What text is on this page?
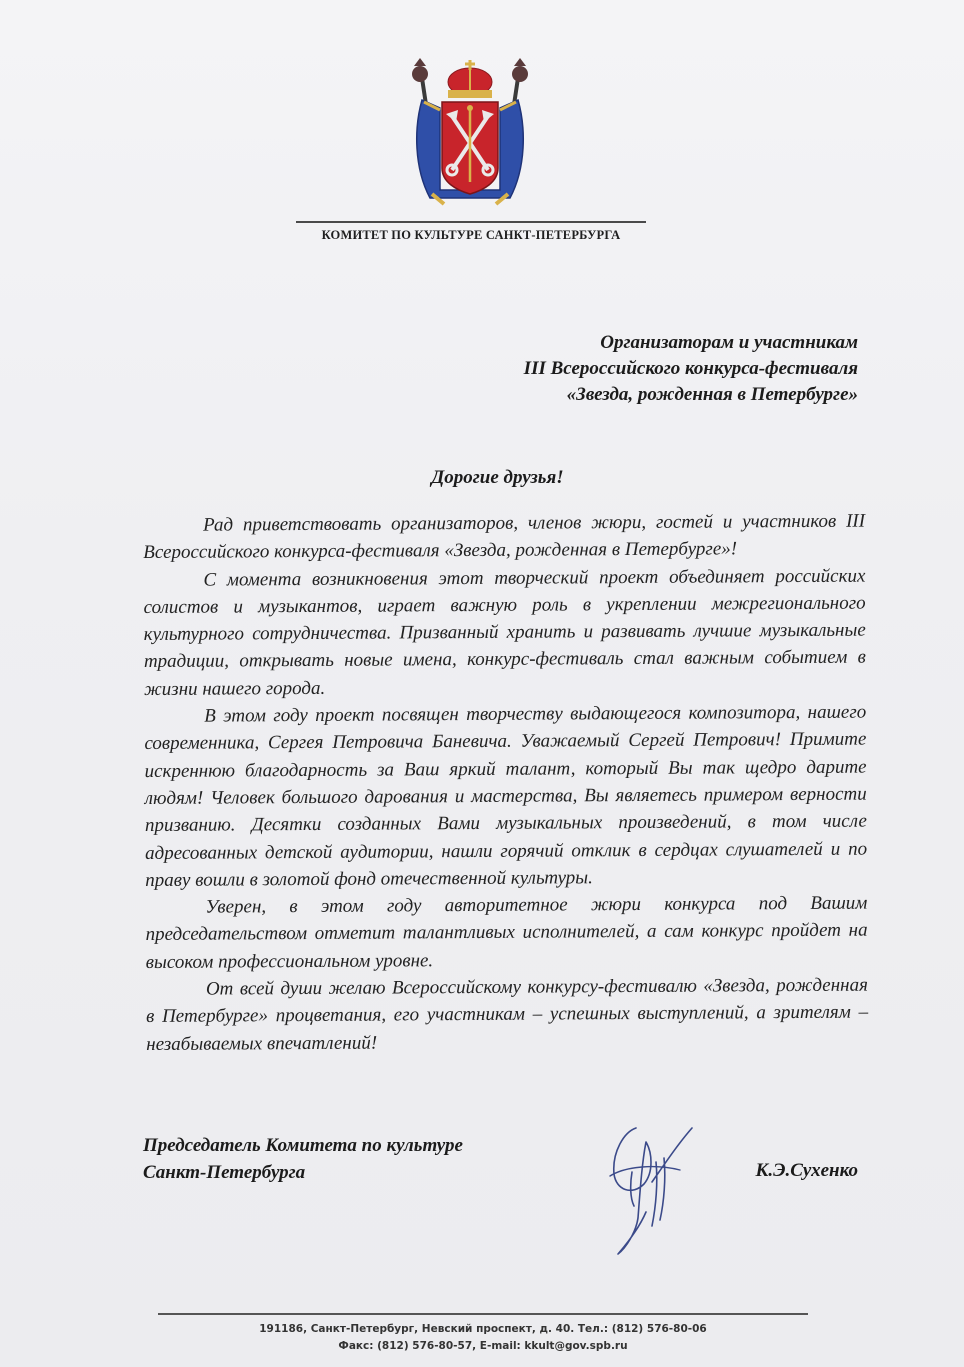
КОМИТЕТ ПО КУЛЬТУРЕ САНКТ-ПЕТЕРБУРГА
Организаторам и участникам
III Всероссийского конкурса-фестиваля
«Звезда, рожденная в Петербурге»
Дорогие друзья!

Рад приветствовать организаторов, членов жюри, гостей и участников III Всероссийского конкурса-фестиваля «Звезда, рожденная в Петербурге»!

С момента возникновения этот творческий проект объединяет российских солистов и музыкантов, играет важную роль в укреплении межрегионального культурного сотрудничества. Призванный хранить и развивать лучшие музыкальные традиции, открывать новые имена, конкурс-фестиваль стал важным событием в жизни нашего города.

В этом году проект посвящен творчеству выдающегося композитора, нашего современника, Сергея Петровича Баневича. Уважаемый Сергей Петрович! Примите искреннюю благодарность за Ваш яркий талант, который Вы так щедро дарите людям! Человек большого дарования и мастерства, Вы являетесь примером верности призванию. Десятки созданных Вами музыкальных произведений, в том числе адресованных детской аудитории, нашли горячий отклик в сердцах слушателей и по праву вошли в золотой фонд отечественной культуры.

Уверен, в этом году авторитетное жюри конкурса под Вашим председательством отметит талантливых исполнителей, а сам конкурс пройдет на высоком профессиональном уровне.

От всей души желаю Всероссийскому конкурсу-фестивалю «Звезда, рожденная в Петербурге» процветания, его участникам – успешных выступлений, а зрителям – незабываемых впечатлений!

Председатель Комитета по культуре
Санкт-Петербурга	К.Э.Сухенко
191186, Санкт-Петербург, Невский проспект, д. 40. Тел.: (812) 576-80-06
Факс: (812) 576-80-57, E-mail: kkult@gov.spb.ru
